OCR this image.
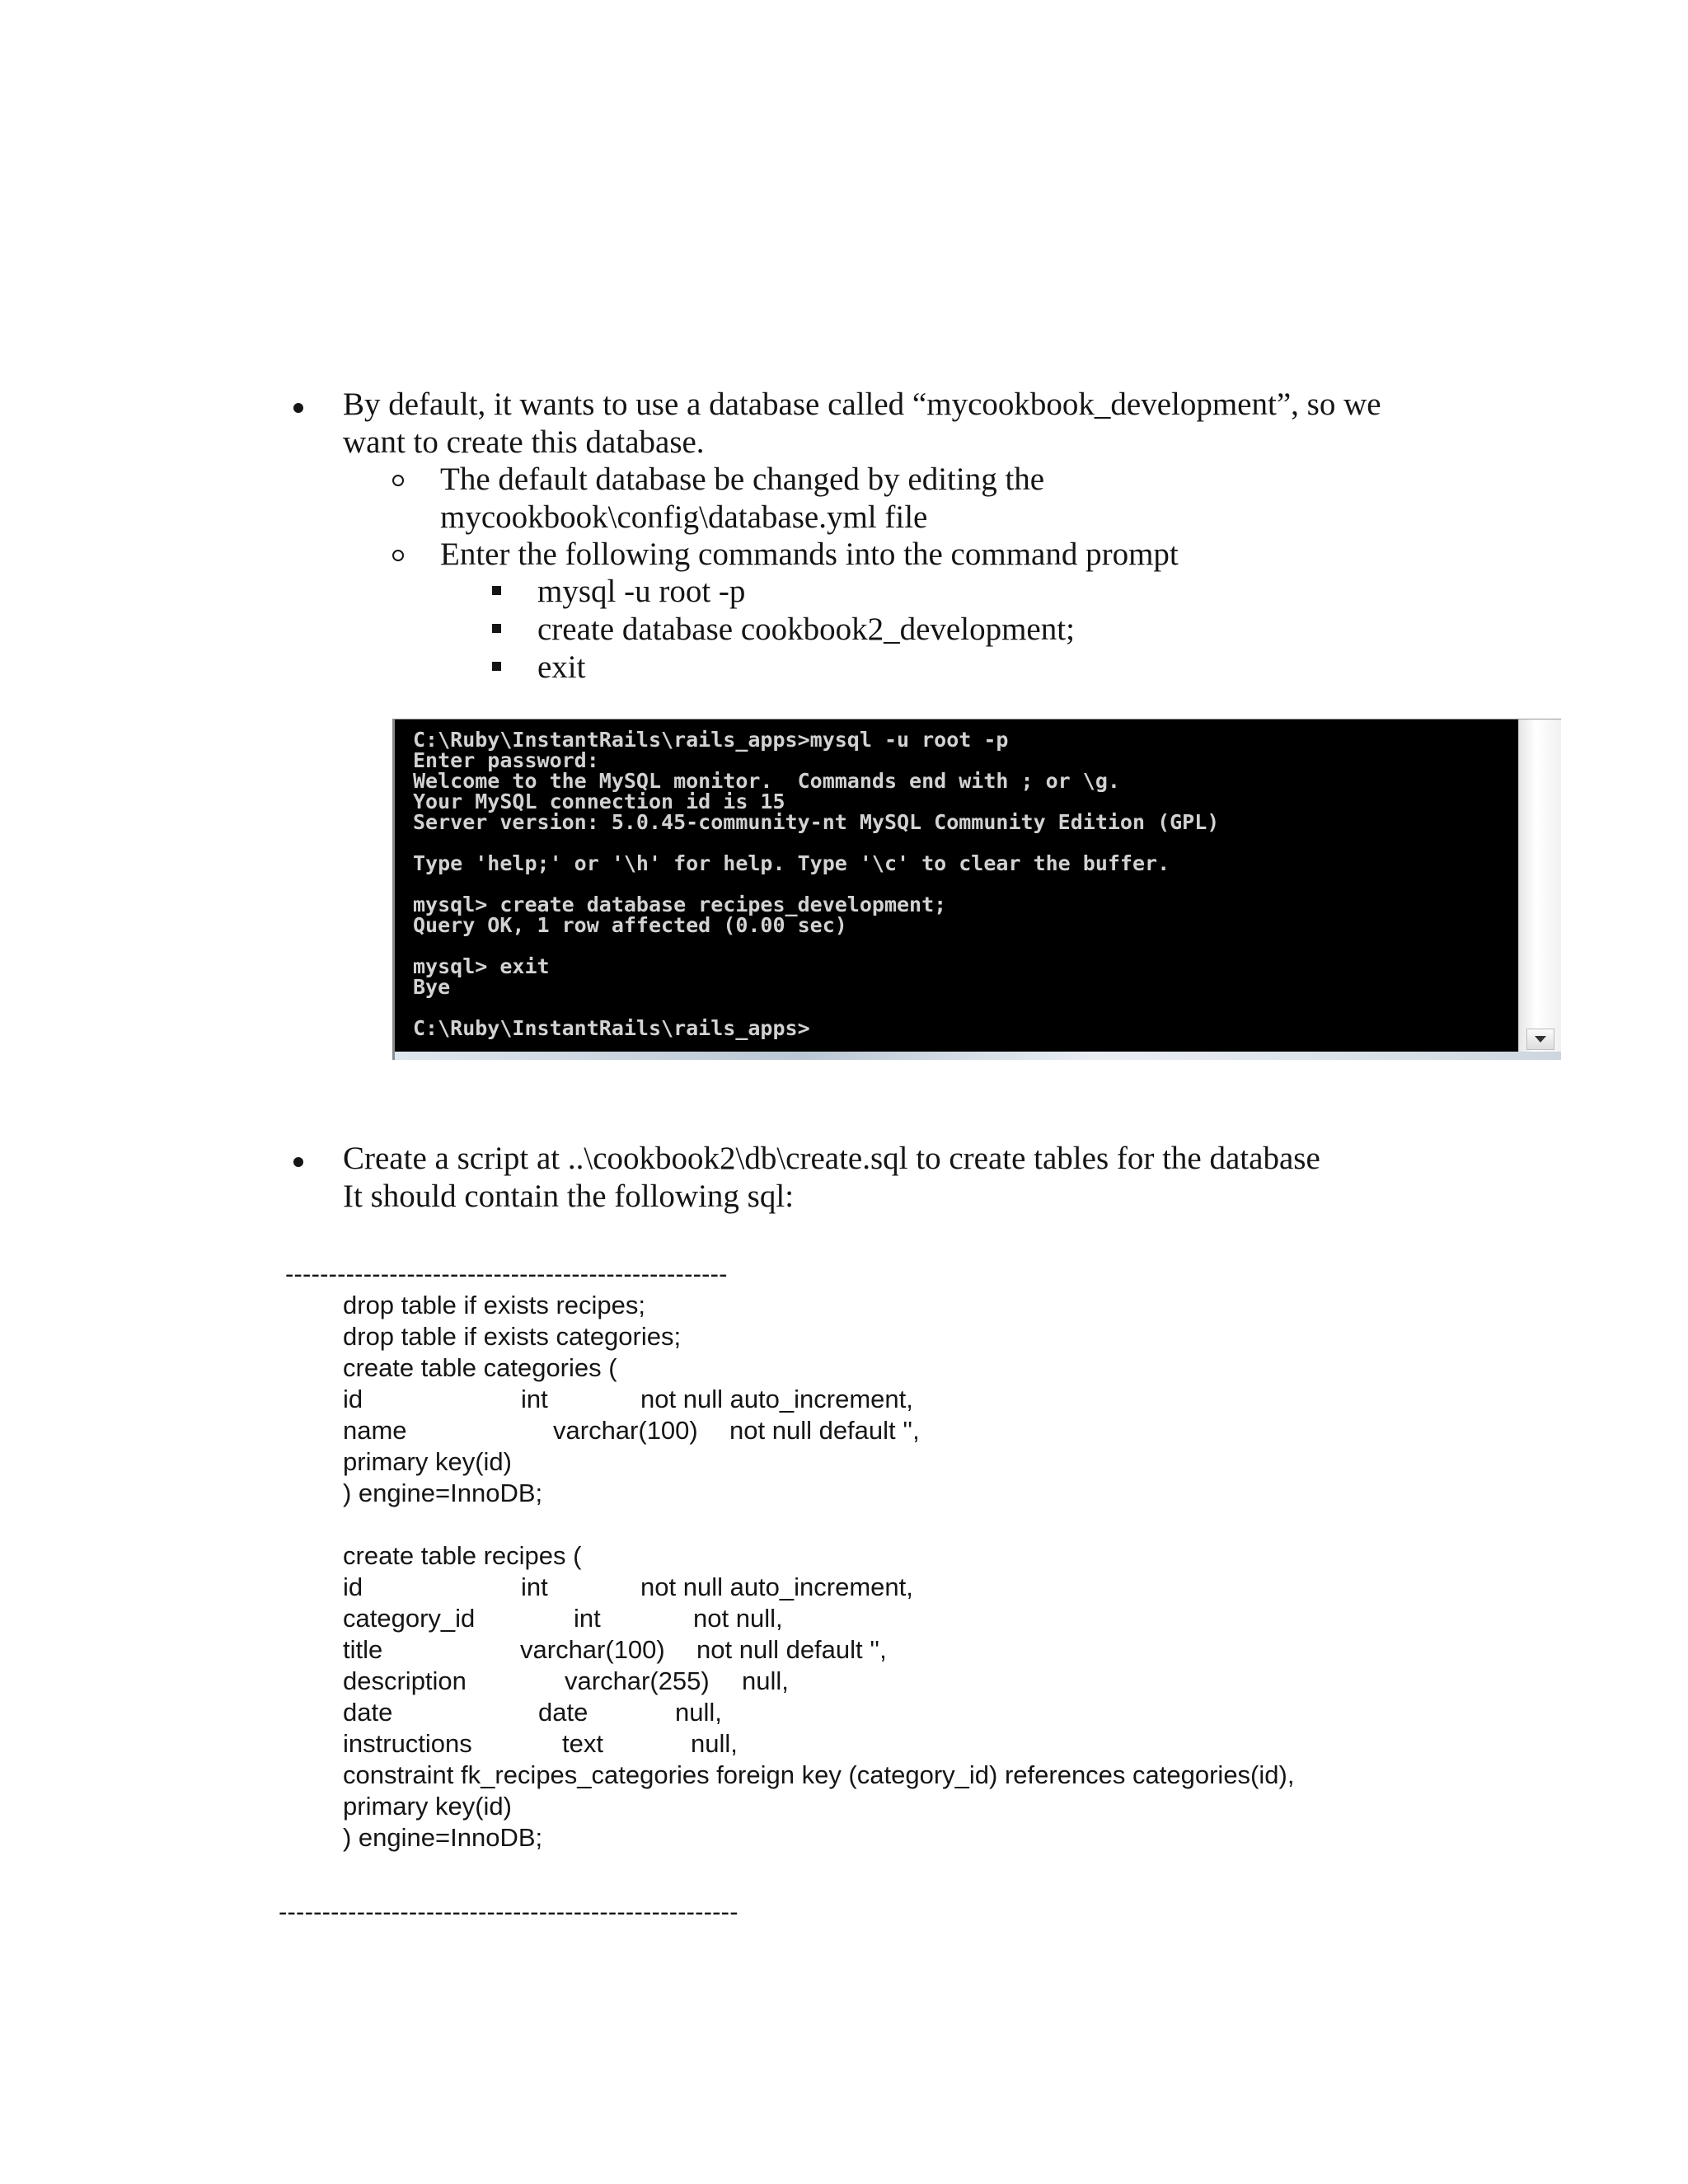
By default, it wants to use a database called “mycookbook_development”, so we
want to create this database.
The default database be changed by editing the
mycookbook\config\database.yml file
Enter the following commands into the command prompt
mysql -u root -p
create database cookbook2_development;
exit
C:\Ruby\InstantRails\rails_apps>mysql -u root -p
Enter password:
Welcome to the MySQL monitor.  Commands end with ; or \g.
Your MySQL connection id is 15
Server version: 5.0.45-community-nt MySQL Community Edition (GPL)
Type 'help;' or '\h' for help. Type '\c' to clear the buffer.
mysql> create database recipes_development;
Query OK, 1 row affected (0.00 sec)
mysql> exit
Bye
C:\Ruby\InstantRails\rails_apps>
Create a script at ..\cookbook2\db\create.sql to create tables for the database
It should contain the following sql:
---------------------------------------------------
drop table if exists recipes;
drop table if exists categories;
create table categories (
id	int	not null auto_increment,
name	varchar(100) not null default '',
primary key(id)
) engine=InnoDB;
create table recipes (
id	int	not null auto_increment,
category_id	int	not null,
title	varchar(100) not null default '',
description	varchar(255) null,
date	date	null,
instructions	text	null,
constraint fk_recipes_categories foreign key (category_id) references categories(id),
primary key(id)
) engine=InnoDB;
-----------------------------------------------------
